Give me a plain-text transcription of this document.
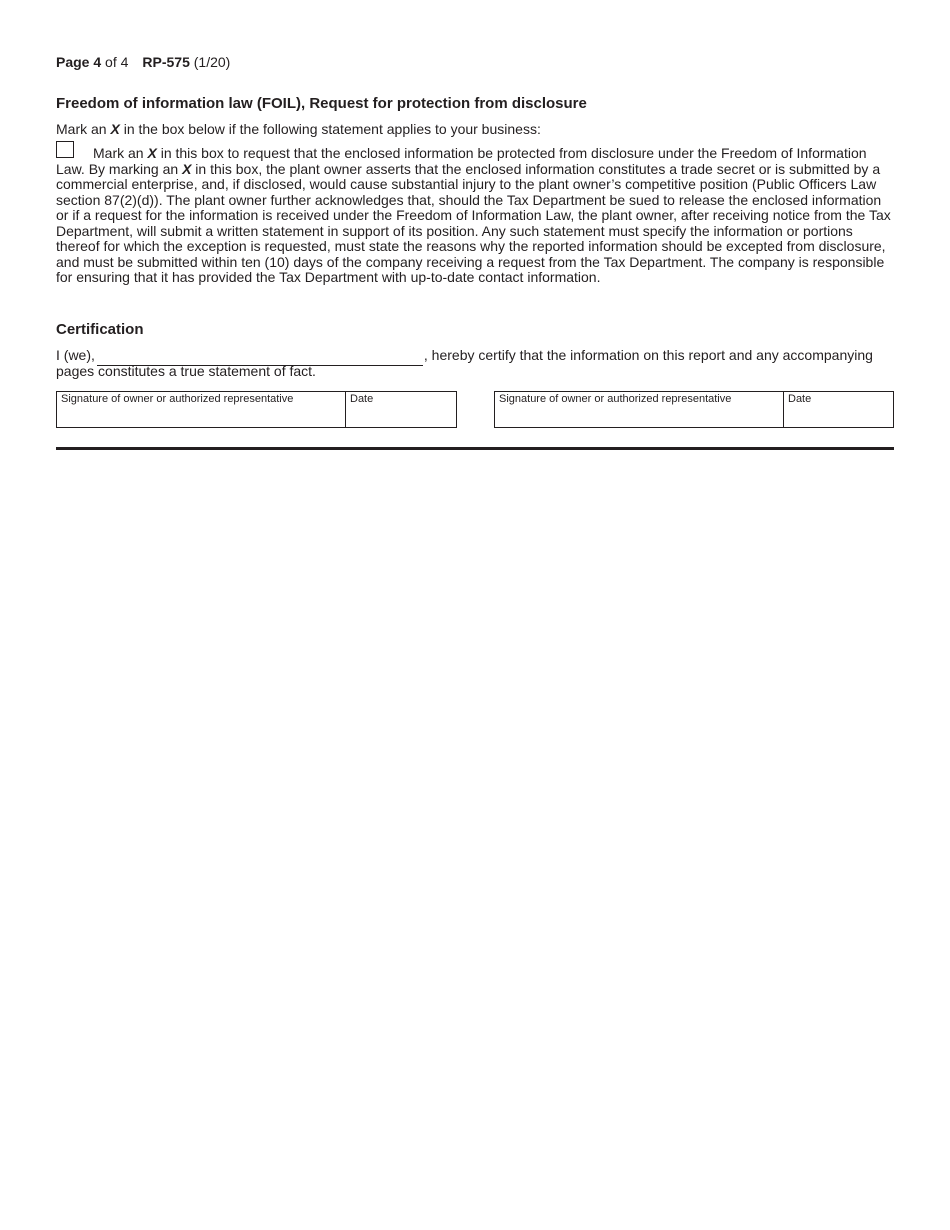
Page 4 of 4 RP-575 (1/20)
Freedom of information law (FOIL), Request for protection from disclosure
Mark an X in the box below if the following statement applies to your business:

Mark an X in this box to request that the enclosed information be protected from disclosure under the Freedom of Information Law. By marking an X in this box, the plant owner asserts that the enclosed information constitutes a trade secret or is submitted by a commercial enterprise, and, if disclosed, would cause substantial injury to the plant owner’s competitive position (Public Officers Law section 87(2)(d)). The plant owner further acknowledges that, should the Tax Department be sued to release the enclosed information or if a request for the information is received under the Freedom of Information Law, the plant owner, after receiving notice from the Tax Department, will submit a written statement in support of its position. Any such statement must specify the information or portions thereof for which the exception is requested, must state the reasons why the reported information should be excepted from disclosure, and must be submitted within ten (10) days of the company receiving a request from the Tax Department. The company is responsible for ensuring that it has provided the Tax Department with up-to-date contact information.

Certification
I (we),	, hereby certify that the information on this report and any accompanying
pages constitutes a true statement of fact.
Signature of owner or authorized representative	Date	Signature of owner or authorized representative	Date
